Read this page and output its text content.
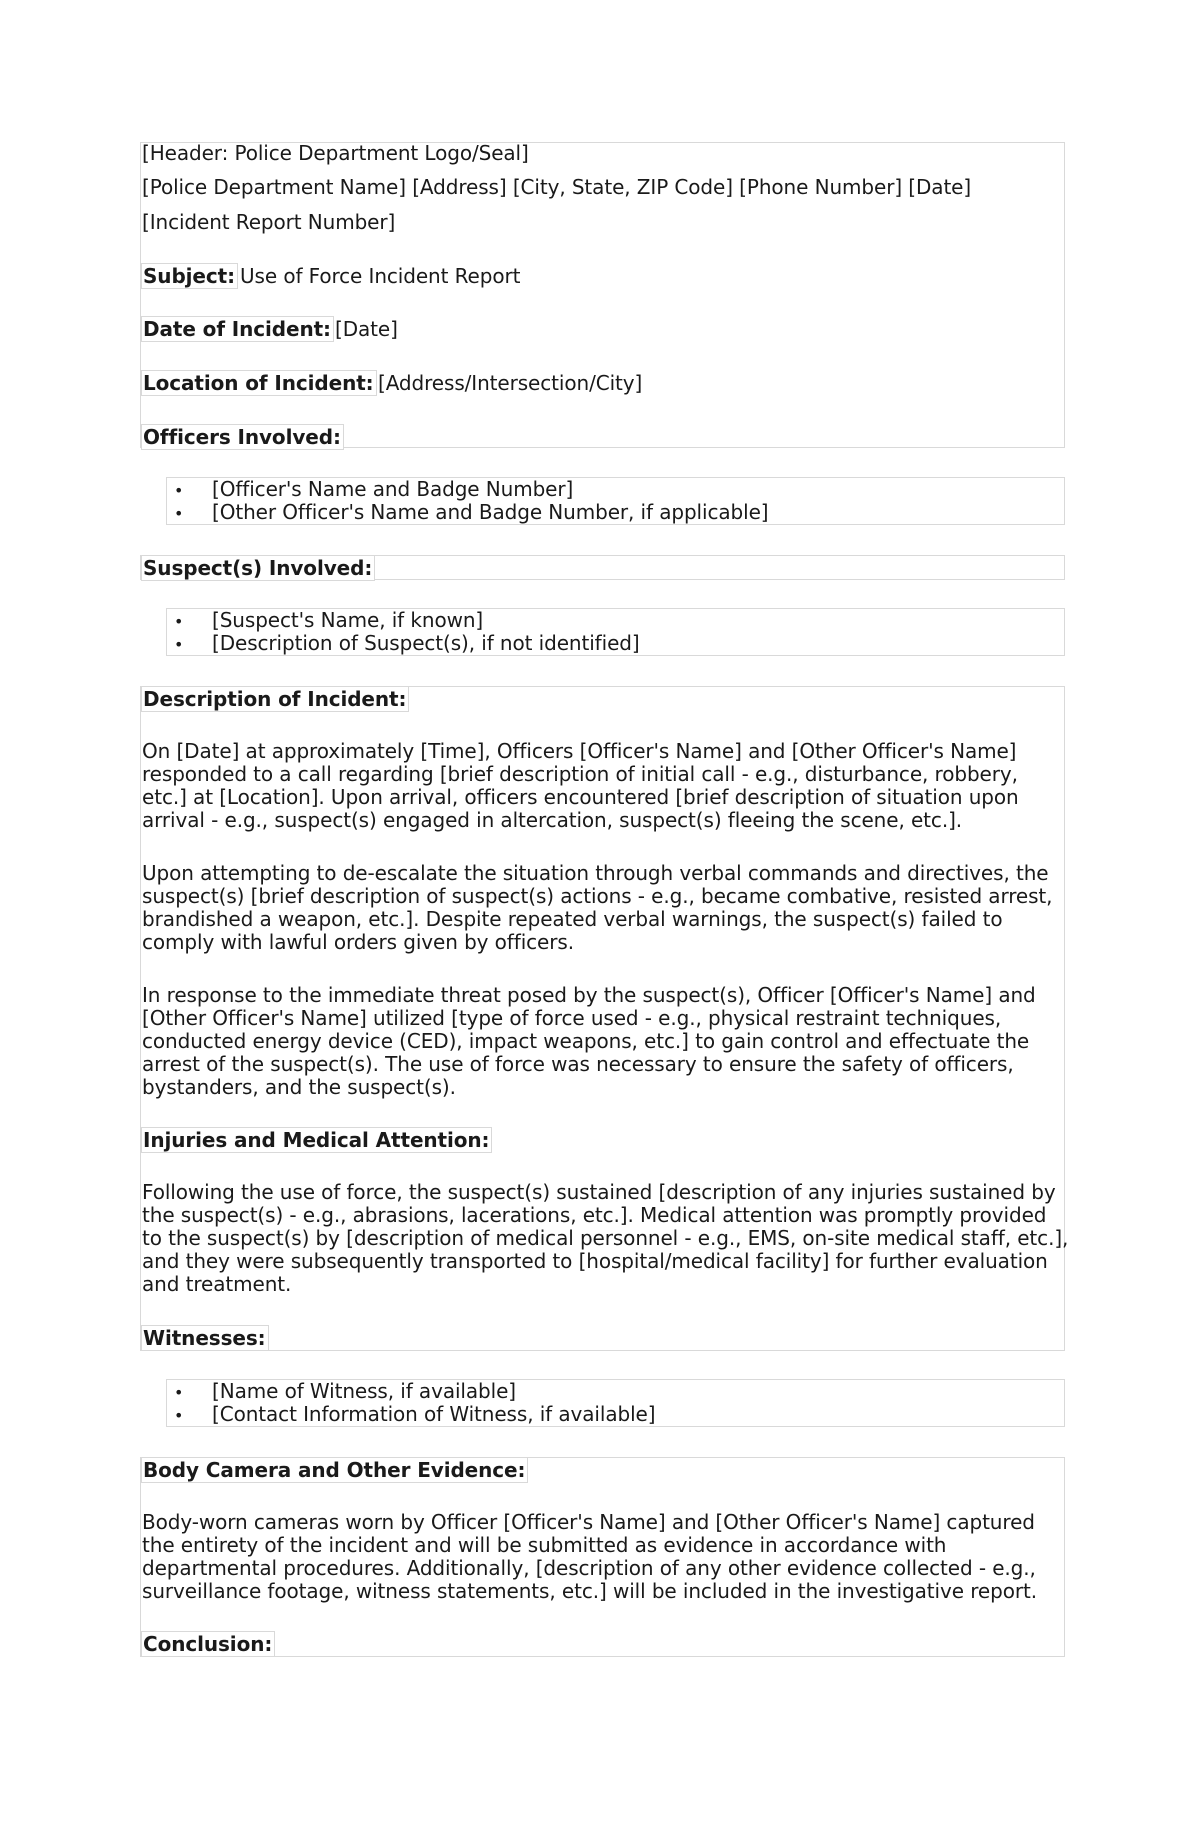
[Header: Police Department Logo/Seal]
[Police Department Name] [Address] [City, State, ZIP Code] [Phone Number] [Date]
[Incident Report Number]
Subject: Use of Force Incident Report
Date of Incident: [Date]
Location of Incident: [Address/Intersection/City]
Officers Involved:
• [Officer's Name and Badge Number]
• [Other Officer's Name and Badge Number, if applicable]
Suspect(s) Involved:
• [Suspect's Name, if known]
• [Description of Suspect(s), if not identified]
Description of Incident:
On [Date] at approximately [Time], Officers [Officer's Name] and [Other Officer's Name]
responded to a call regarding [brief description of initial call - e.g., disturbance, robbery,
etc.] at [Location]. Upon arrival, officers encountered [brief description of situation upon
arrival - e.g., suspect(s) engaged in altercation, suspect(s) fleeing the scene, etc.].
Upon attempting to de-escalate the situation through verbal commands and directives, the
suspect(s) [brief description of suspect(s) actions - e.g., became combative, resisted arrest,
brandished a weapon, etc.]. Despite repeated verbal warnings, the suspect(s) failed to
comply with lawful orders given by officers.
In response to the immediate threat posed by the suspect(s), Officer [Officer's Name] and
[Other Officer's Name] utilized [type of force used - e.g., physical restraint techniques,
conducted energy device (CED), impact weapons, etc.] to gain control and effectuate the
arrest of the suspect(s). The use of force was necessary to ensure the safety of officers,
bystanders, and the suspect(s).
Injuries and Medical Attention:
Following the use of force, the suspect(s) sustained [description of any injuries sustained by
the suspect(s) - e.g., abrasions, lacerations, etc.]. Medical attention was promptly provided
to the suspect(s) by [description of medical personnel - e.g., EMS, on-site medical staff, etc.],
and they were subsequently transported to [hospital/medical facility] for further evaluation
and treatment.
Witnesses:
• [Name of Witness, if available]
• [Contact Information of Witness, if available]
Body Camera and Other Evidence:
Body-worn cameras worn by Officer [Officer's Name] and [Other Officer's Name] captured
the entirety of the incident and will be submitted as evidence in accordance with
departmental procedures. Additionally, [description of any other evidence collected - e.g.,
surveillance footage, witness statements, etc.] will be included in the investigative report.
Conclusion:
